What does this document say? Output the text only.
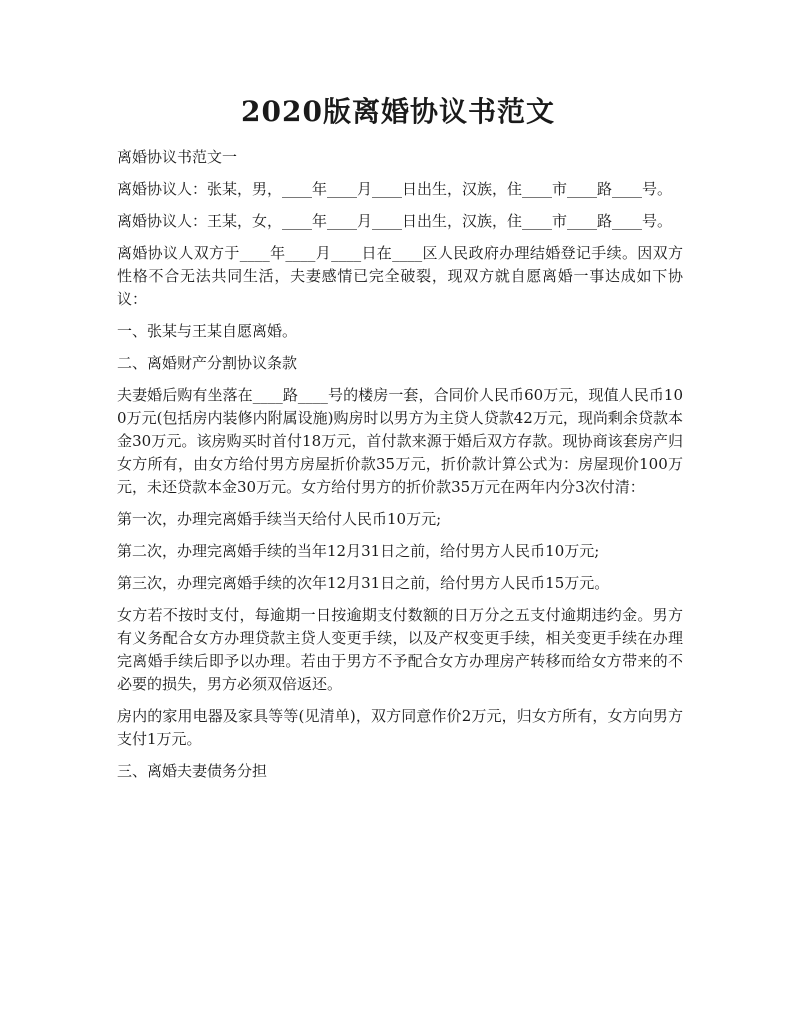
2020版离婚协议书范文

离婚协议书范文一

离婚协议人：张某，男，____年____月____日出生，汉族，住____市____路____号。

离婚协议人：王某，女，____年____月____日出生，汉族，住____市____路____号。

离婚协议人双方于____年____月____日在____区人民政府办理结婚登记手续。因双方性格不合无法共同生活，夫妻感情已完全破裂，现双方就自愿离婚一事达成如下协议：

一、张某与王某自愿离婚。

二、离婚财产分割协议条款

夫妻婚后购有坐落在____路____号的楼房一套，合同价人民币60万元，现值人民币100万元(包括房内装修内附属设施)购房时以男方为主贷人贷款42万元，现尚剩余贷款本金30万元。该房购买时首付18万元，首付款来源于婚后双方存款。现协商该套房产归女方所有，由女方给付男方房屋折价款35万元，折价款计算公式为：房屋现价100万元，未还贷款本金30万元。女方给付男方的折价款35万元在两年内分3次付清：

第一次，办理完离婚手续当天给付人民币10万元;

第二次，办理完离婚手续的当年12月31日之前，给付男方人民币10万元;

第三次，办理完离婚手续的次年12月31日之前，给付男方人民币15万元。

女方若不按时支付，每逾期一日按逾期支付数额的日万分之五支付逾期违约金。男方有义务配合女方办理贷款主贷人变更手续，以及产权变更手续，相关变更手续在办理完离婚手续后即予以办理。若由于男方不予配合女方办理房产转移而给女方带来的不必要的损失，男方必须双倍返还。

房内的家用电器及家具等等(见清单)，双方同意作价2万元，归女方所有，女方向男方支付1万元。

三、离婚夫妻债务分担
